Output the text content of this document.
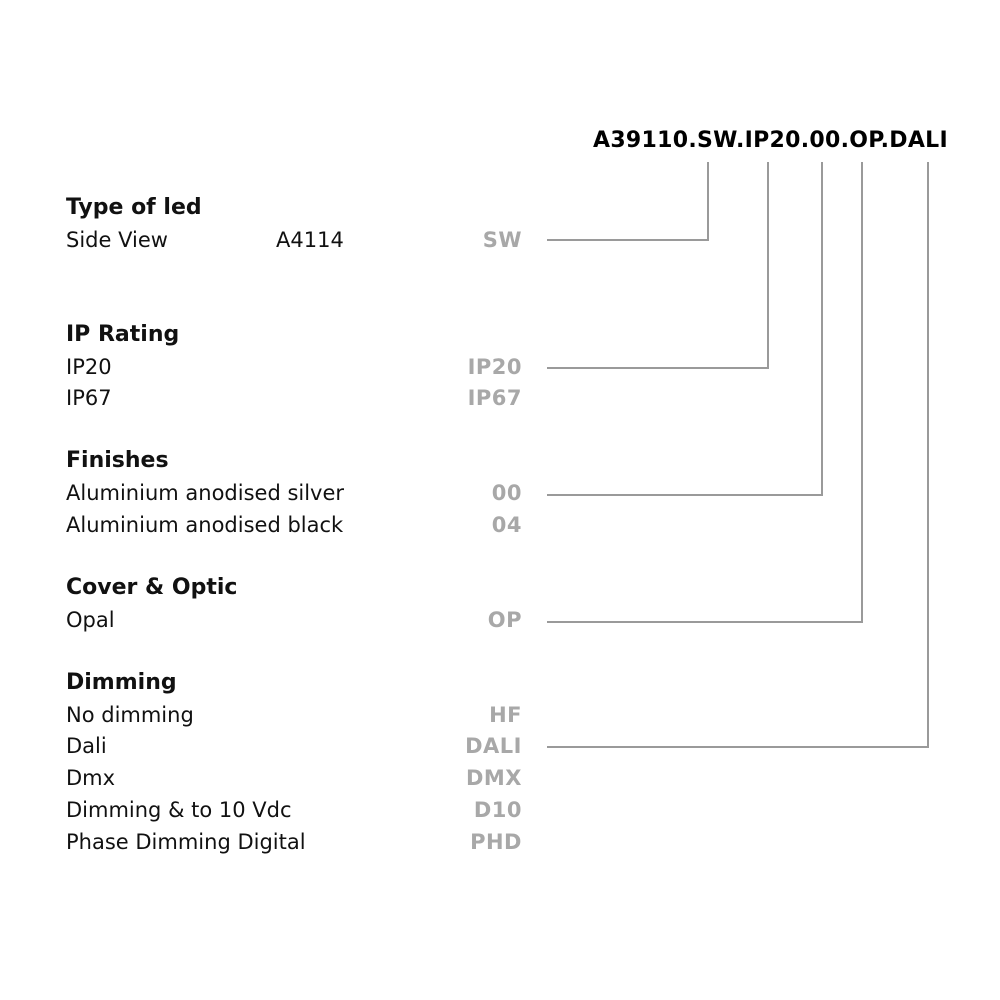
A39110.SW.IP20.00.OP.DALI
Type of led
Side View	A4114	SW
IP Rating
IP20	IP20
IP67	IP67
Finishes
Aluminium anodised silver	00
Aluminium anodised black	04
Cover & Optic
Opal	OP
Dimming
No dimming	HF
Dali	DALI
Dmx	DMX
Dimming & to 10 Vdc	D10
Phase Dimming Digital	PHD
